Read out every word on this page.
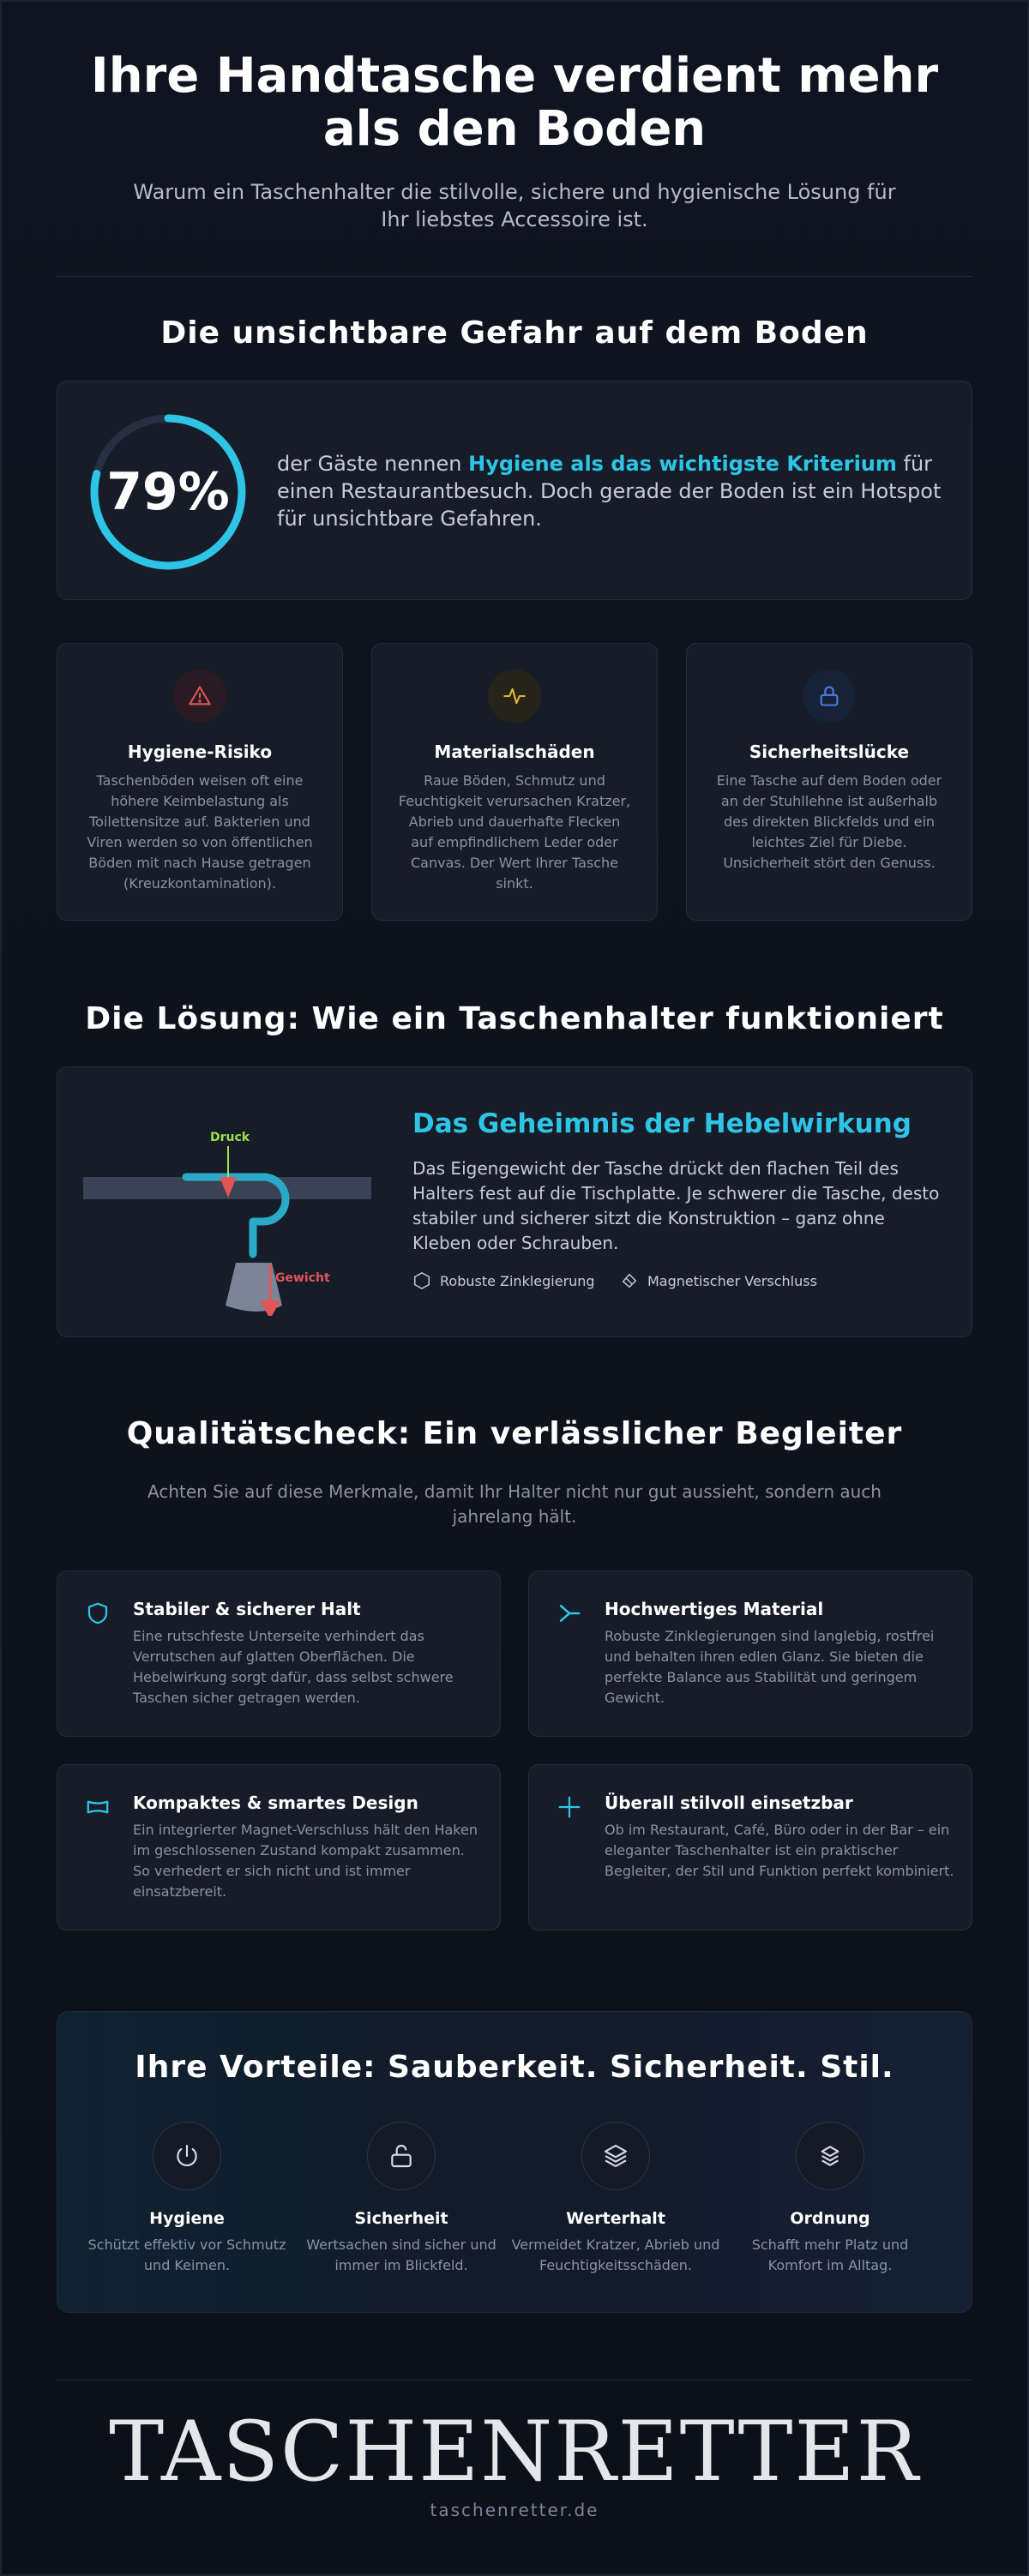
Ihre Handtasche verdient mehr als den Boden

Warum ein Taschenhalter die stilvolle, sichere und hygienische Lösung für Ihr liebstes Accessoire ist.

Die unsichtbare Gefahr auf dem Boden
79%	der Gäste nennen Hygiene als das wichtigste Kriterium für einen Restaurantbesuch. Doch gerade der Boden ist ein Hotspot für unsichtbare Gefahren.

Hygiene-Risiko
Taschenböden weisen oft eine höhere Keimbelastung als Toilettensitze auf. Bakterien und Viren werden so von öffentlichen Böden mit nach Hause getragen (Kreuzkontamination).
Materialschäden
Raue Böden, Schmutz und Feuchtigkeit verursachen Kratzer, Abrieb und dauerhafte Flecken auf empfindlichem Leder oder Canvas. Der Wert Ihrer Tasche sinkt.
Sicherheitslücke
Eine Tasche auf dem Boden oder an der Stuhllehne ist außerhalb des direkten Blickfelds und ein leichtes Ziel für Diebe. Unsicherheit stört den Genuss.
Die Lösung: Wie ein Taschenhalter funktioniert
Druck
Gewicht
Das Geheimnis der Hebelwirkung

Das Eigengewicht der Tasche drückt den flachen Teil des Halters fest auf die Tischplatte. Je schwerer die Tasche, desto stabiler und sicherer sitzt die Konstruktion – ganz ohne Kleben oder Schrauben.

Robuste Zinklegierung	Magnetischer Verschluss
Qualitätscheck: Ein verlässlicher Begleiter

Achten Sie auf diese Merkmale, damit Ihr Halter nicht nur gut aussieht, sondern auch jahrelang hält.

Stabiler & sicherer Halt
Eine rutschfeste Unterseite verhindert das Verrutschen auf glatten Oberflächen. Die Hebelwirkung sorgt dafür, dass selbst schwere Taschen sicher getragen werden.
Hochwertiges Material
Robuste Zinklegierungen sind langlebig, rostfrei und behalten ihren edlen Glanz. Sie bieten die perfekte Balance aus Stabilität und geringem Gewicht.
Kompaktes & smartes Design
Ein integrierter Magnet-Verschluss hält den Haken im geschlossenen Zustand kompakt zusammen. So verhedert er sich nicht und ist immer einsatzbereit.
Überall stilvoll einsetzbar
Ob im Restaurant, Café, Büro oder in der Bar – ein eleganter Taschenhalter ist ein praktischer Begleiter, der Stil und Funktion perfekt kombiniert.
Ihre Vorteile: Sauberkeit. Sicherheit. Stil.
Hygiene
Schützt effektiv vor Schmutz und Keimen.
Sicherheit
Wertsachen sind sicher und immer im Blickfeld.
Werterhalt
Vermeidet Kratzer, Abrieb und Feuchtigkeitsschäden.
Ordnung
Schafft mehr Platz und Komfort im Alltag.
TASCHENRETTER
taschenretter.de
